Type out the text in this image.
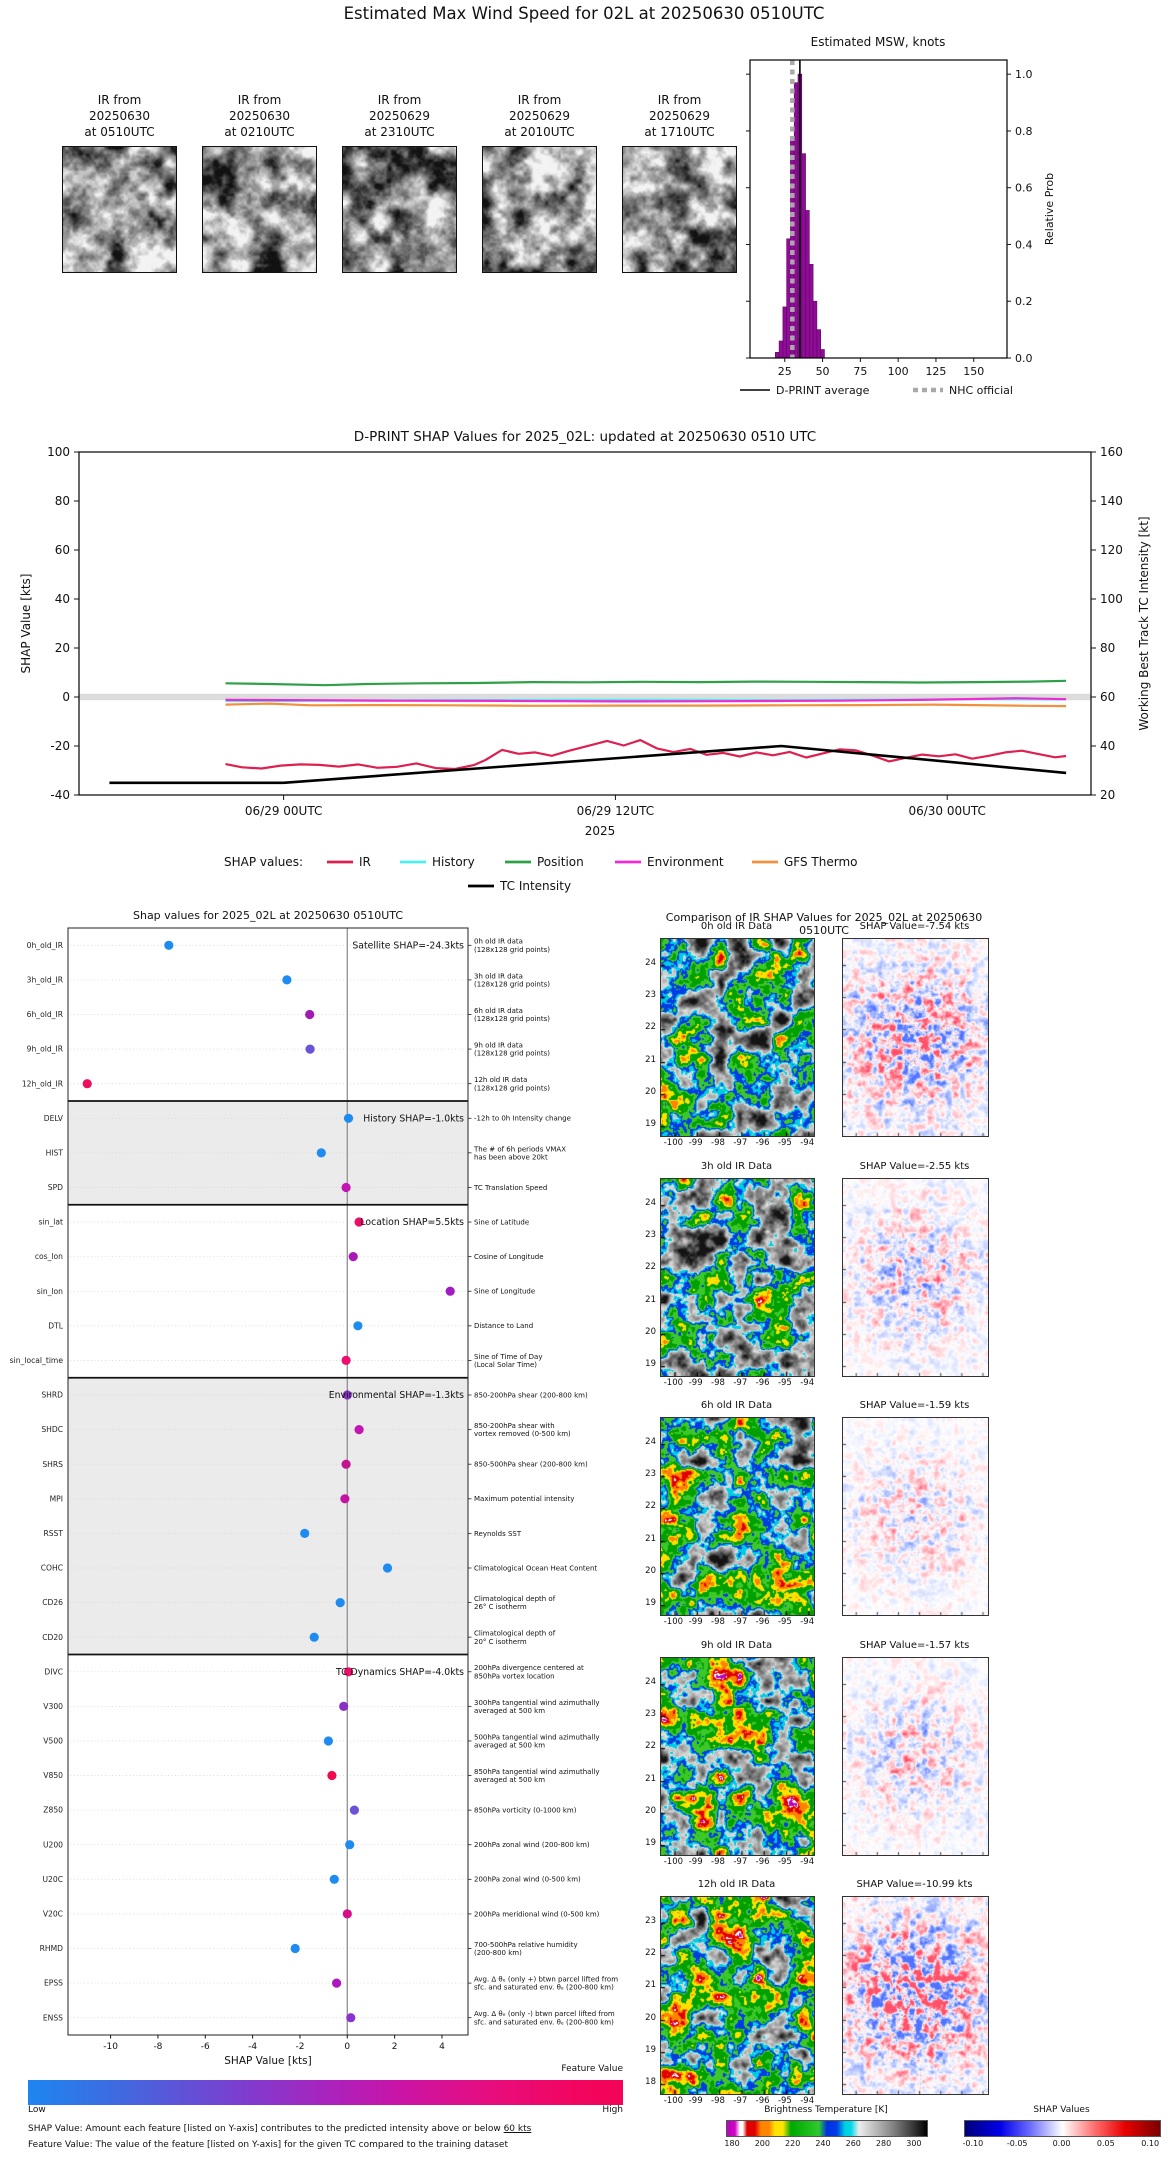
Estimated Max Wind Speed for 02L at 20250630 0510UTC
IR from
20250630
at 0510UTC
IR from
20250630
at 0210UTC
IR from
20250629
at 2310UTC
IR from
20250629
at 2010UTC
IR from
20250629
at 1710UTC
Estimated MSW, knots
0.0
0.2
0.4
0.6
0.8
1.0
Relative Prob
25 50 75 100 125 150
D-PRINT average	NHC official
D-PRINT SHAP Values for 2025_02L: updated at 20250630 0510 UTC
100
80
60
40
20
0
-20
-40
160
140
120
100
80
60
40
20
SHAP Value [kts]	Working Best Track TC Intensity [kt]
06/29 00UTC	06/29 12UTC	06/30 00UTC
2025
SHAP values:	IR	History	Position	Environment	GFS Thermo
TC Intensity
Shap values for 2025_02L at 20250630 0510UTC
0h_old_IR	0h old IR data
(128x128 grid points)
3h_old_IR	3h old IR data
(128x128 grid points)
6h_old_IR	6h old IR data
(128x128 grid points)
9h_old_IR	9h old IR data
(128x128 grid points)
12h_old_IR	12h old IR data
(128x128 grid points)
DELV	-12h to 0h Intensity change
HIST	The # of 6h periods VMAX
has been above 20kt
SPD	TC Translation Speed
sin_lat	Sine of Latitude
cos_lon	Cosine of Longitude
sin_lon	Sine of Longitude
DTL	Distance to Land
sin_local_time	Sine of Time of Day
(Local Solar Time)
SHRD	850-200hPa shear (200-800 km)
SHDC	850-200hPa shear with
vortex removed (0-500 km)
SHRS	850-500hPa shear (200-800 km)
MPI	Maximum potential intensity
RSST	Reynolds SST
COHC	Climatological Ocean Heat Content
CD26	Climatological depth of
26° C isotherm
CD20	Climatological depth of
20° C isotherm
DIVC	200hPa divergence centered at
850hPa vortex location
V300	300hPa tangential wind azimuthally
averaged at 500 km
V500	500hPa tangential wind azimuthally
averaged at 500 km
V850	850hPa tangential wind azimuthally
averaged at 500 km
Z850	850hPa vorticity (0-1000 km)
U200	200hPa zonal wind (200-800 km)
U20C	200hPa zonal wind (0-500 km)
V20C	200hPa meridional wind (0-500 km)
RHMD	700-500hPa relative humidity
(200-800 km)
EPSS	Avg. Δ θₑ (only +) btwn parcel lifted from
sfc. and saturated env. θₑ (200-800 km)
ENSS	Avg. Δ θₑ (only -) btwn parcel lifted from
sfc. and saturated env. θₑ (200-800 km)
Satellite SHAP=-24.3kts
History SHAP=-1.0kts
Location SHAP=5.5kts
Environmental SHAP=-1.3kts
TC Dynamics SHAP=-4.0kts
-10	-8	-6	-4	-2	0	2	4
SHAP Value [kts]
Feature Value
Low	High
SHAP Value: Amount each feature [listed on Y-axis] contributes to the predicted intensity above or below 60 kts
Feature Value: The value of the feature [listed on Y-axis] for the given TC compared to the training dataset
Comparison of IR SHAP Values for 2025_02L at 20250630 0510UTC
0h old IR Data	SHAP Value=-7.54 kts
24
23
22
21
20
19
-100 -99 -98 -97 -96 -95 -94
3h old IR Data	SHAP Value=-2.55 kts
24
23
22
21
20
19
-100 -99 -98 -97 -96 -95 -94
6h old IR Data	SHAP Value=-1.59 kts
24
23
22
21
20
19
-100 -99 -98 -97 -96 -95 -94
9h old IR Data	SHAP Value=-1.57 kts
24
23
22
21
20
19
-100 -99 -98 -97 -96 -95 -94
12h old IR Data	SHAP Value=-10.99 kts
23
22
21
20
19
18
-100 -99 -98 -97 -96 -95 -94
Brightness Temperature [K]
180	200	220	240	260	280	300
SHAP Values
-0.10	-0.05	0.00	0.05	0.10
